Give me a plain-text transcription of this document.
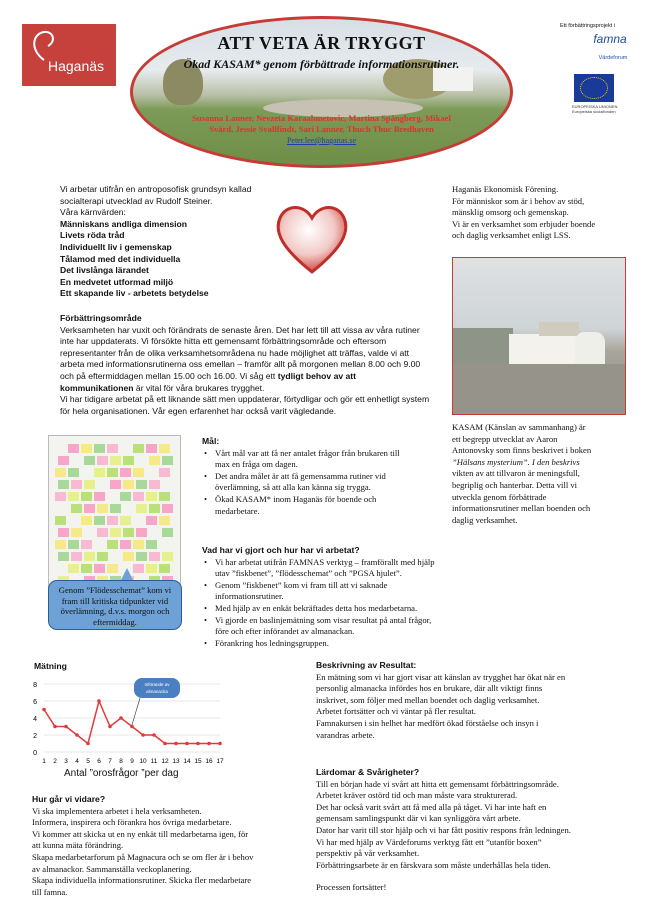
Haganäs
ATT VETA ÄR TRYGGT
Ökad KASAM* genom förbättrade informationsrutiner.
Susanna Lanner, Nevzeta Karaahmetovic, Martina Spångberg, Mikael
Svärd, Jessie Svallfindt, Sari Lanner, Thuch Thuc Bredhaven
Peter.lee@haganas.se
Ett förbättringsprojekt i
famna
Värdeforum
EUROPEISKA UNIONEN Europeiska socialfonden
Vi arbetar utifrån en antroposofisk grundsyn kallad
socialterapi utvecklad av Rudolf Steiner.
Våra kärnvärden:
Människans andliga dimension
Livets röda tråd
Individuellt liv i gemenskap
Tålamod med det individuella
Det livslånga lärandet
En medvetet utformad miljö
Ett skapande liv - arbetets betydelse
Haganäs Ekonomisk Förening.
För människor som är i behov av stöd,
mänsklig omsorg och gemenskap.
Vi är en verksamhet som erbjuder boende
och daglig verksamhet enligt LSS.
Förbättringsområde
Verksamheten har vuxit och förändrats de senaste åren. Det har lett till att vissa av våra rutiner
inte har uppdaterats. Vi försökte hitta ett gemensamt förbättringsområde och eftersom
representanter från de olika verksamhetsområdena nu hade möjlighet att träffas, valde vi att
arbeta med informationsrutinerna oss emellan – framför allt på morgonen mellan 8.00 och 9.00
och på eftermiddagen mellan 15.00 och 16.00. Vi såg ett tydligt behov av att
kommunikationen är vital för våra brukares trygghet.
Vi har tidigare arbetat på ett liknande sätt men uppdaterar, förtydligar och gör ett enhetligt system
för hela organisationen. Vår egen erfarenhet har också varit vägledande.
KASAM (Känslan av sammanhang) är
ett begrepp utvecklat av Aaron
Antonovsky som finns beskrivet i boken
”Hälsans mysterium”. I den beskrivs
vikten av att tillvaron är meningsfull,
begriplig och hanterbar. Detta vill vi
utveckla genom förbättrade
informationsrutiner mellan boenden och
daglig verksamhet.
Genom ”Flödesschemat” kom vi fram till kritiska tidpunkter vid överlämning, d.v.s. morgon och eftermiddag.
Mål:
• Vårt mål var att få ner antalet frågor från brukaren till max en fråga om dagen.
• Det andra målet är att få gemensamma rutiner vid överlämning, så att alla kan känna sig trygga.
• Ökad KASAM* inom Haganäs för boende och medarbetare.
Vad har vi gjort och hur har vi arbetat?
• Vi har arbetat utifrån FAMNAS verktyg – framförallt med hjälp utav ”fiskbenet”, ”flödesschemat” och ”PGSA hjulet”.
• Genom ”fiskbenet” kom vi fram till att vi saknade informationsrutiner.
• Med hjälp av en enkät bekräftades detta hos medarbetarna.
• Vi gjorde en baslinjemätning som visar resultat på antal frågor, före och efter införandet av almanackan.
• Förankring hos ledningsgruppen.
Mätning
0
2
4
6
8
1 2 3 4 5 6 7 8 9 10 11 12 13 14 15 16 17
Införande av
almanacka
Antal ”orosfrågor ”per dag
Beskrivning av Resultat:
En mätning som vi har gjort visar att känslan av trygghet har ökat när en
personlig almanacka infördes hos en brukare, där allt viktigt finns
inskrivet, som följer med mellan boendet och daglig verksamhet.
Arbetet fortsätter och vi väntar på fler resultat.
Famnakursen i sin helhet har medfört ökad förståelse och insyn i
varandras arbete.
Hur går vi vidare?
Vi ska implementera arbetet i hela verksamheten.
Informera, inspirera och förankra hos övriga medarbetare.
Vi kommer att skicka ut en ny enkät till medarbetarna igen, för
att kunna mäta förändring.
Skapa medarbetarforum på Magnacura och se om fler är i behov
av almanackor. Sammanställa veckoplanering.
Skapa individuella informationsrutiner. Skicka fler medarbetare
till famna.
Lärdomar & Svårigheter?
Till en början hade vi svårt att hitta ett gemensamt förbättringsområde.
Arbetet kräver ostörd tid och man måste vara strukturerad.
Det har också varit svårt att få med alla på tåget. Vi har inte haft en
gemensam samlingspunkt där vi kan synliggöra vårt arbete.
Dator har varit till stor hjälp och vi har fått positiv respons från ledningen.
Vi har med hjälp av Värdeforums verktyg fått ett ”utanför boxen”
perspektiv på vår verksamhet.
Förbättringsarbete är en färskvara som måste underhållas hela tiden.
Processen fortsätter!
